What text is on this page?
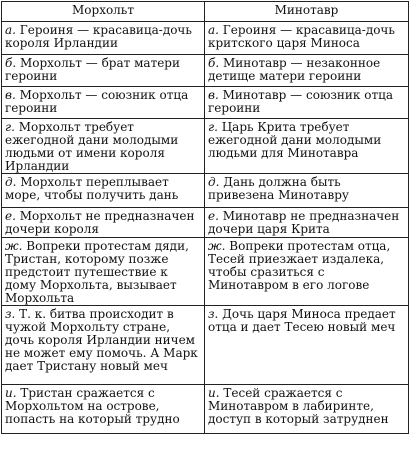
Морхольт	Минотавр

а. Героиня — красавица-дочь короля Ирландии	а. Героиня — красавица-дочь критского царя Миноса

б. Морхольт — брат матери героини	б. Минотавр — незаконное детище матери героини

в. Морхольт — союзник отца героини	в. Минотавр — союзник отца героини

г. Морхольт требует ежегодной дани молодыми людьми от имени короля Ирландии	г. Царь Крита требует ежегодной дани молодыми людьми для Минотавра

д. Морхольт переплывает море, чтобы получить дань	д. Дань должна быть привезена Минотавру

е. Морхольт не предназначен дочери короля	е. Минотавр не предназначен дочери царя Крита

ж. Вопреки протестам дяди, Тристан, которому позже предстоит путешествие к дому Морхольта, вызывает Морхольта	ж. Вопреки протестам отца, Тесей приезжает издалека, чтобы сразиться с Минотавром в его логове

з. Т. к. битва происходит в чужой Морхольту стране, дочь короля Ирландии ничем не может ему помочь. А Марк дает Тристану новый меч	з. Дочь царя Миноса предает отца и дает Тесею новый меч

и. Тристан сражается с Морхольтом на острове, попасть на который трудно	и. Тесей сражается с Минотавром в лабиринте, доступ в который затруднен
